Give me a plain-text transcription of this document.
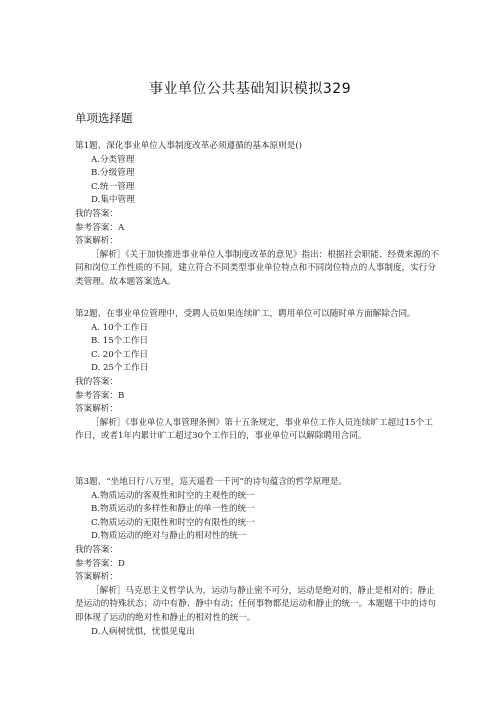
事业单位公共基础知识模拟329
单项选择题

第1题、深化事业单位人事制度改革必须遵循的基本原则是()

A.分类管理

B.分级管理

C.统一管理

D.集中管理

我的答案：

参考答案：A

答案解析：

［解析］《关于加快推进事业单位人事制度改革的意见》指出：根据社会职能、经费来源的不同和岗位工作性质的不同，建立符合不同类型事业单位特点和不同岗位特点的人事制度，实行分类管理。故本题答案选A。

第2题、在事业单位管理中，受聘人员如果连续旷工，聘用单位可以随时单方面解除合同。

A. 10个工作日

B. 15个工作日

C. 20个工作日

D. 25个工作日

我的答案：

参考答案：B

答案解析：

［解析］《事业单位人事管理条例》第十五条规定，事业单位工作人员连续旷工超过15个工作日，或者1年内累计旷工超过30个工作日的，事业单位可以解除聘用合同。

第3题、“坐地日行八万里，巡天遥看一千河”的诗句蕴含的哲学原理是。

A.物质运动的客观性和时空的主观性的统一

B.物质运动的多样性和静止的单一性的统一

C.物质运动的无限性和时空的有限性的统一

D.物质运动的绝对与静止的相对性的统一

我的答案：

参考答案：D

答案解析：

［解析］马克思主义哲学认为，运动与静止密不可分，运动是绝对的，静止是相对的；静止是运动的特殊状态；动中有静、静中有动；任何事物都是运动和静止的统一。本题题干中的诗句即体现了运动的绝对性和静止的相对性的统一。

D.人病树忧惧，忧惧见鬼出
